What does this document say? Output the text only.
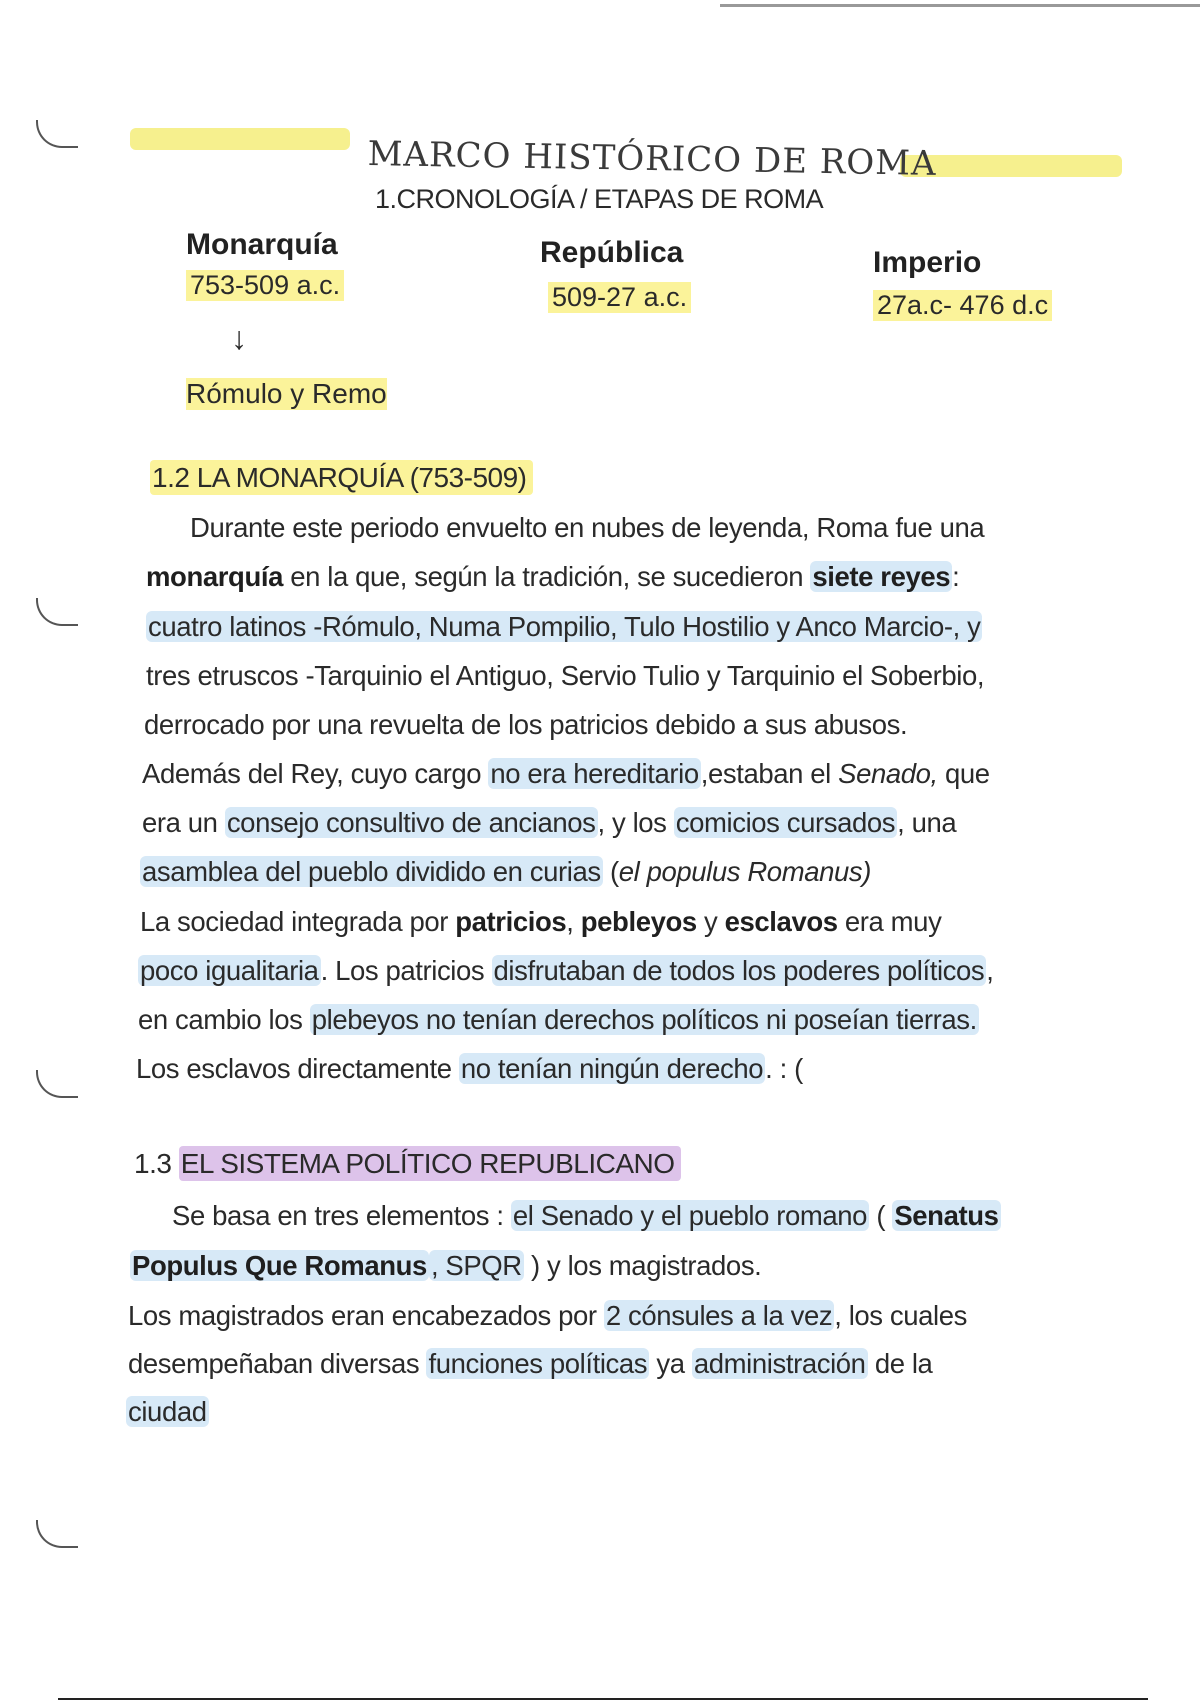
MARCO HISTÓRICO DE ROMA
1.CRONOLOGÍA / ETAPAS DE ROMA
Monarquía
753-509 a.c.
República
509-27 a.c.
Imperio
27a.c- 476 d.c
↓
Rómulo y Remo
1.2 LA MONARQUÍA (753-509)
Durante este periodo envuelto en nubes de leyenda, Roma fue una
monarquía en la que, según la tradición, se sucedieron siete reyes:
cuatro latinos -Rómulo, Numa Pompilio, Tulo Hostilio y Anco Marcio-, y
tres etruscos -Tarquinio el Antiguo, Servio Tulio y Tarquinio el Soberbio,
derrocado por una revuelta de los patricios debido a sus abusos.
Además del Rey, cuyo cargo no era hereditario,estaban el Senado, que
era un consejo consultivo de ancianos, y los comicios cursados, una
asamblea del pueblo dividido en curias (el populus Romanus)
La sociedad integrada por patricios, pebleyos y esclavos era muy
poco igualitaria. Los patricios disfrutaban de todos los poderes políticos,
en cambio los plebeyos no tenían derechos políticos ni poseían tierras.
Los esclavos directamente no tenían ningún derecho. : (
1.3 EL SISTEMA POLÍTICO REPUBLICANO
Se basa en tres elementos : el Senado y el pueblo romano ( Senatus
Populus Que Romanus , SPQR ) y los magistrados.
Los magistrados eran encabezados por 2 cónsules a la vez, los cuales
desempeñaban diversas funciones políticas ya administración de la
ciudad
